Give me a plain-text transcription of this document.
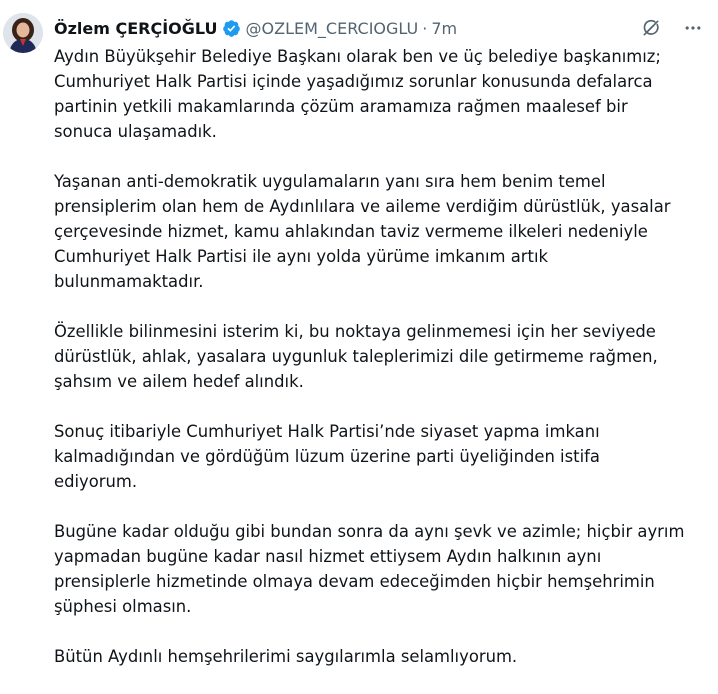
Özlem ÇERÇİOĞLU @OZLEM_CERCIOGLU · 7m

Aydın Büyükşehir Belediye Başkanı olarak ben ve üç belediye başkanımız;
Cumhuriyet Halk Partisi içinde yaşadığımız sorunlar konusunda defalarca
partinin yetkili makamlarında çözüm aramamıza rağmen maalesef bir
sonuca ulaşamadık.

Yaşanan anti-demokratik uygulamaların yanı sıra hem benim temel
prensiplerim olan hem de Aydınlılara ve aileme verdiğim dürüstlük, yasalar
çerçevesinde hizmet, kamu ahlakından taviz vermeme ilkeleri nedeniyle
Cumhuriyet Halk Partisi ile aynı yolda yürüme imkanım artık
bulunmamaktadır.

Özellikle bilinmesini isterim ki, bu noktaya gelinmemesi için her seviyede
dürüstlük, ahlak, yasalara uygunluk taleplerimizi dile getirmeme rağmen,
şahsım ve ailem hedef alındık.

Sonuç itibariyle Cumhuriyet Halk Partisi’nde siyaset yapma imkanı
kalmadığından ve gördüğüm lüzum üzerine parti üyeliğinden istifa
ediyorum.

Bugüne kadar olduğu gibi bundan sonra da aynı şevk ve azimle; hiçbir ayrım
yapmadan bugüne kadar nasıl hizmet ettiysem Aydın halkının aynı
prensiplerle hizmetinde olmaya devam edeceğimden hiçbir hemşehrimin
şüphesi olmasın.

Bütün Aydınlı hemşehrilerimi saygılarımla selamlıyorum.
